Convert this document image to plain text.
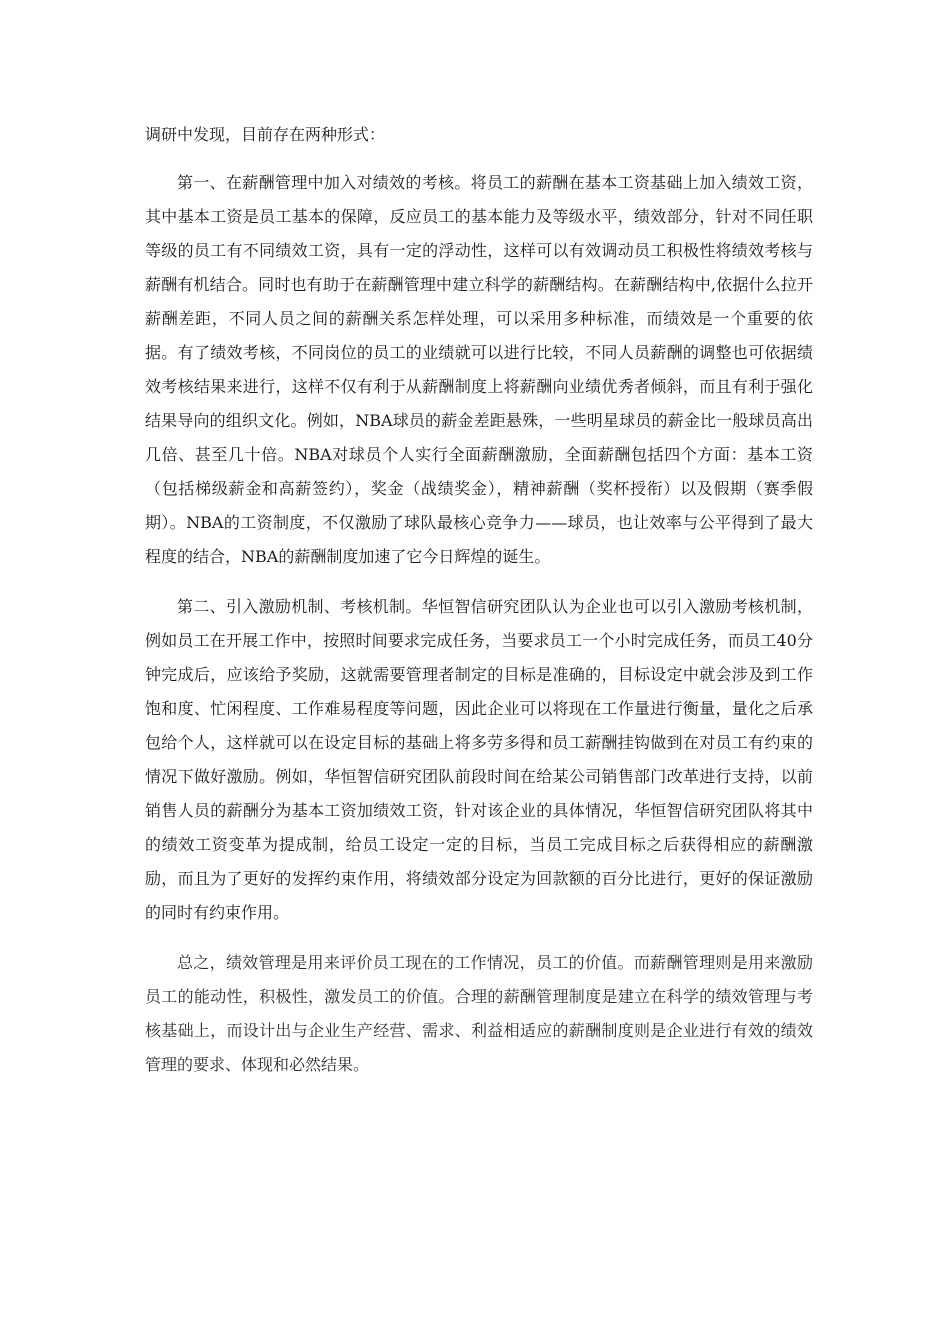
调研中发现，目前存在两种形式：

第一、在薪酬管理中加入对绩效的考核。将员工的薪酬在基本工资基础上加入绩效工资，其中基本工资是员工基本的保障，反应员工的基本能力及等级水平，绩效部分，针对不同任职等级的员工有不同绩效工资，具有一定的浮动性，这样可以有效调动员工积极性将绩效考核与薪酬有机结合。同时也有助于在薪酬管理中建立科学的薪酬结构。在薪酬结构中,依据什么拉开薪酬差距，不同人员之间的薪酬关系怎样处理，可以采用多种标准，而绩效是一个重要的依据。有了绩效考核，不同岗位的员工的业绩就可以进行比较，不同人员薪酬的调整也可依据绩效考核结果来进行，这样不仅有利于从薪酬制度上将薪酬向业绩优秀者倾斜，而且有利于强化结果导向的组织文化。例如，NBA球员的薪金差距悬殊，一些明星球员的薪金比一般球员高出几倍、甚至几十倍。NBA对球员个人实行全面薪酬激励，全面薪酬包括四个方面：基本工资（包括梯级薪金和高薪签约），奖金（战绩奖金），精神薪酬（奖杯授衔）以及假期（赛季假期）。NBA的工资制度，不仅激励了球队最核心竞争力——球员，也让效率与公平得到了最大程度的结合，NBA的薪酬制度加速了它今日辉煌的诞生。

第二、引入激励机制、考核机制。华恒智信研究团队认为企业也可以引入激励考核机制，例如员工在开展工作中，按照时间要求完成任务，当要求员工一个小时完成任务，而员工40分钟完成后，应该给予奖励，这就需要管理者制定的目标是准确的，目标设定中就会涉及到工作饱和度、忙闲程度、工作难易程度等问题，因此企业可以将现在工作量进行衡量，量化之后承包给个人，这样就可以在设定目标的基础上将多劳多得和员工薪酬挂钩做到在对员工有约束的情况下做好激励。例如，华恒智信研究团队前段时间在给某公司销售部门改革进行支持，以前销售人员的薪酬分为基本工资加绩效工资，针对该企业的具体情况，华恒智信研究团队将其中的绩效工资变革为提成制，给员工设定一定的目标，当员工完成目标之后获得相应的薪酬激励，而且为了更好的发挥约束作用，将绩效部分设定为回款额的百分比进行，更好的保证激励的同时有约束作用。

总之，绩效管理是用来评价员工现在的工作情况，员工的价值。而薪酬管理则是用来激励员工的能动性，积极性，激发员工的价值。合理的薪酬管理制度是建立在科学的绩效管理与考核基础上，而设计出与企业生产经营、需求、利益相适应的薪酬制度则是企业进行有效的绩效管理的要求、体现和必然结果。
